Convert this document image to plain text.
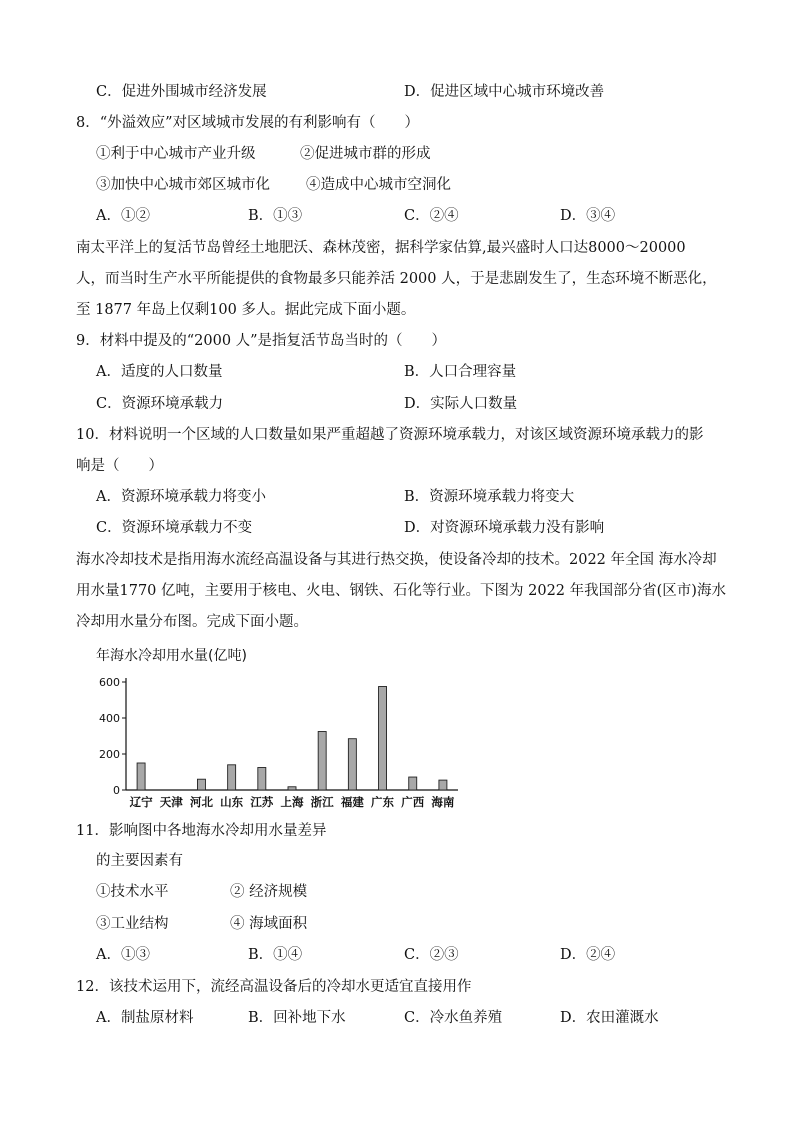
C．促进外围城市经济发展	D．促进区域中心城市环境改善
8．“外溢效应”对区域城市发展的有利影响有（　　）
①利于中心城市产业升级	②促进城市群的形成
③加快中心城市郊区城市化 ④造成中心城市空洞化
A．①②	B．①③	C．②④	D．③④
南太平洋上的复活节岛曾经土地肥沃、森林茂密，据科学家估算,最兴盛时人口达8000～20000
人，而当时生产水平所能提供的食物最多只能养活 2000 人，于是悲剧发生了，生态环境不断恶化，
至 1877 年岛上仅剩100 多人。据此完成下面小题。
9．材料中提及的“2000 人”是指复活节岛当时的（　　）
A．适度的人口数量	B．人口合理容量
C．资源环境承载力	D．实际人口数量
10．材料说明一个区域的人口数量如果严重超越了资源环境承载力，对该区域资源环境承载力的影
响是（　　）
A．资源环境承载力将变小	B．资源环境承载力将变大
C．资源环境承载力不变	D．对资源环境承载力没有影响
海水冷却技术是指用海水流经高温设备与其进行热交换，使设备冷却的技术。2022 年全国 海水冷却
用水量1770 亿吨，主要用于核电、火电、钢铁、石化等行业。下图为 2022 年我国部分省(区市)海水
冷却用水量分布图。完成下面小题。
年海水冷却用水量(亿吨)
0
200
400
600
辽宁 天津 河北 山东 江苏 上海 浙江 福建 广东 广西 海南
11．影响图中各地海水冷却用水量差异
的主要因素有
①技术水平	② 经济规模
③工业结构	④ 海域面积
A．①③	B．①④	C．②③	D．②④
12．该技术运用下，流经高温设备后的冷却水更适宜直接用作
A．制盐原材料	B．回补地下水	C．冷水鱼养殖	D．农田灌溉水
